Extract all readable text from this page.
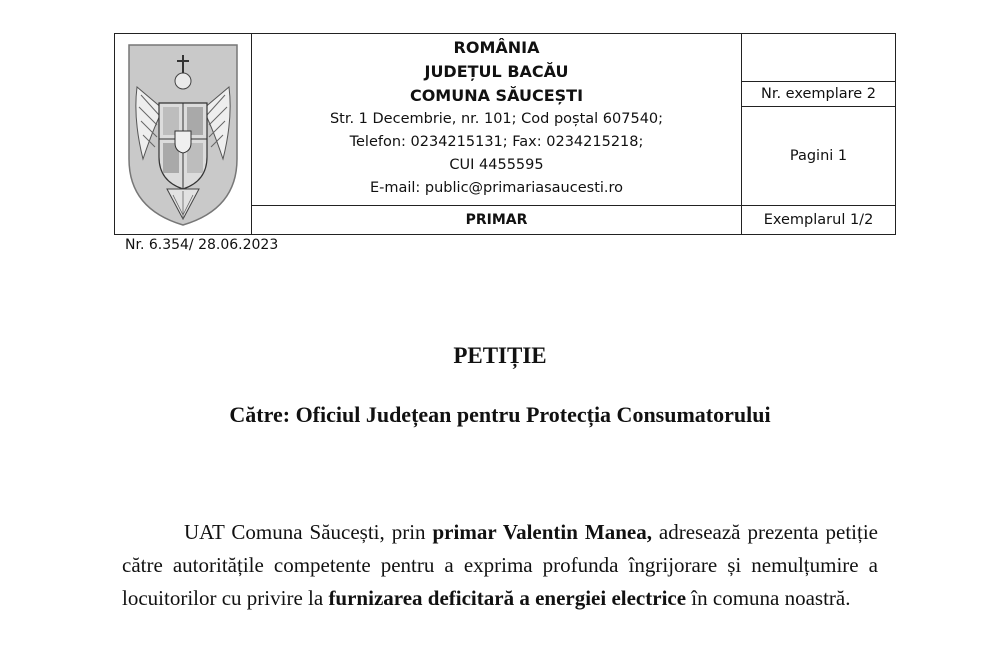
ROMÂNIA
JUDEȚUL BACĂU
COMUNA SĂUCEȘTI
Str. 1 Decembrie, nr. 101; Cod poștal 607540;
Telefon: 0234215131; Fax: 0234215218;
CUI 4455595
E-mail: public@primariasaucesti.ro
PRIMAR
Nr. exemplare 2
Pagini 1
Exemplarul 1/2
Nr. 6.354/ 28.06.2023
PETIȚIE
Către: Oficiul Județean pentru Protecția Consumatorului
UAT Comuna Săucești, prin primar Valentin Manea, adresează prezenta petiție către autoritățile competente pentru a exprima profunda îngrijorare și nemulțumire a locuitorilor cu privire la furnizarea deficitară a energiei electrice în comuna noastră.
